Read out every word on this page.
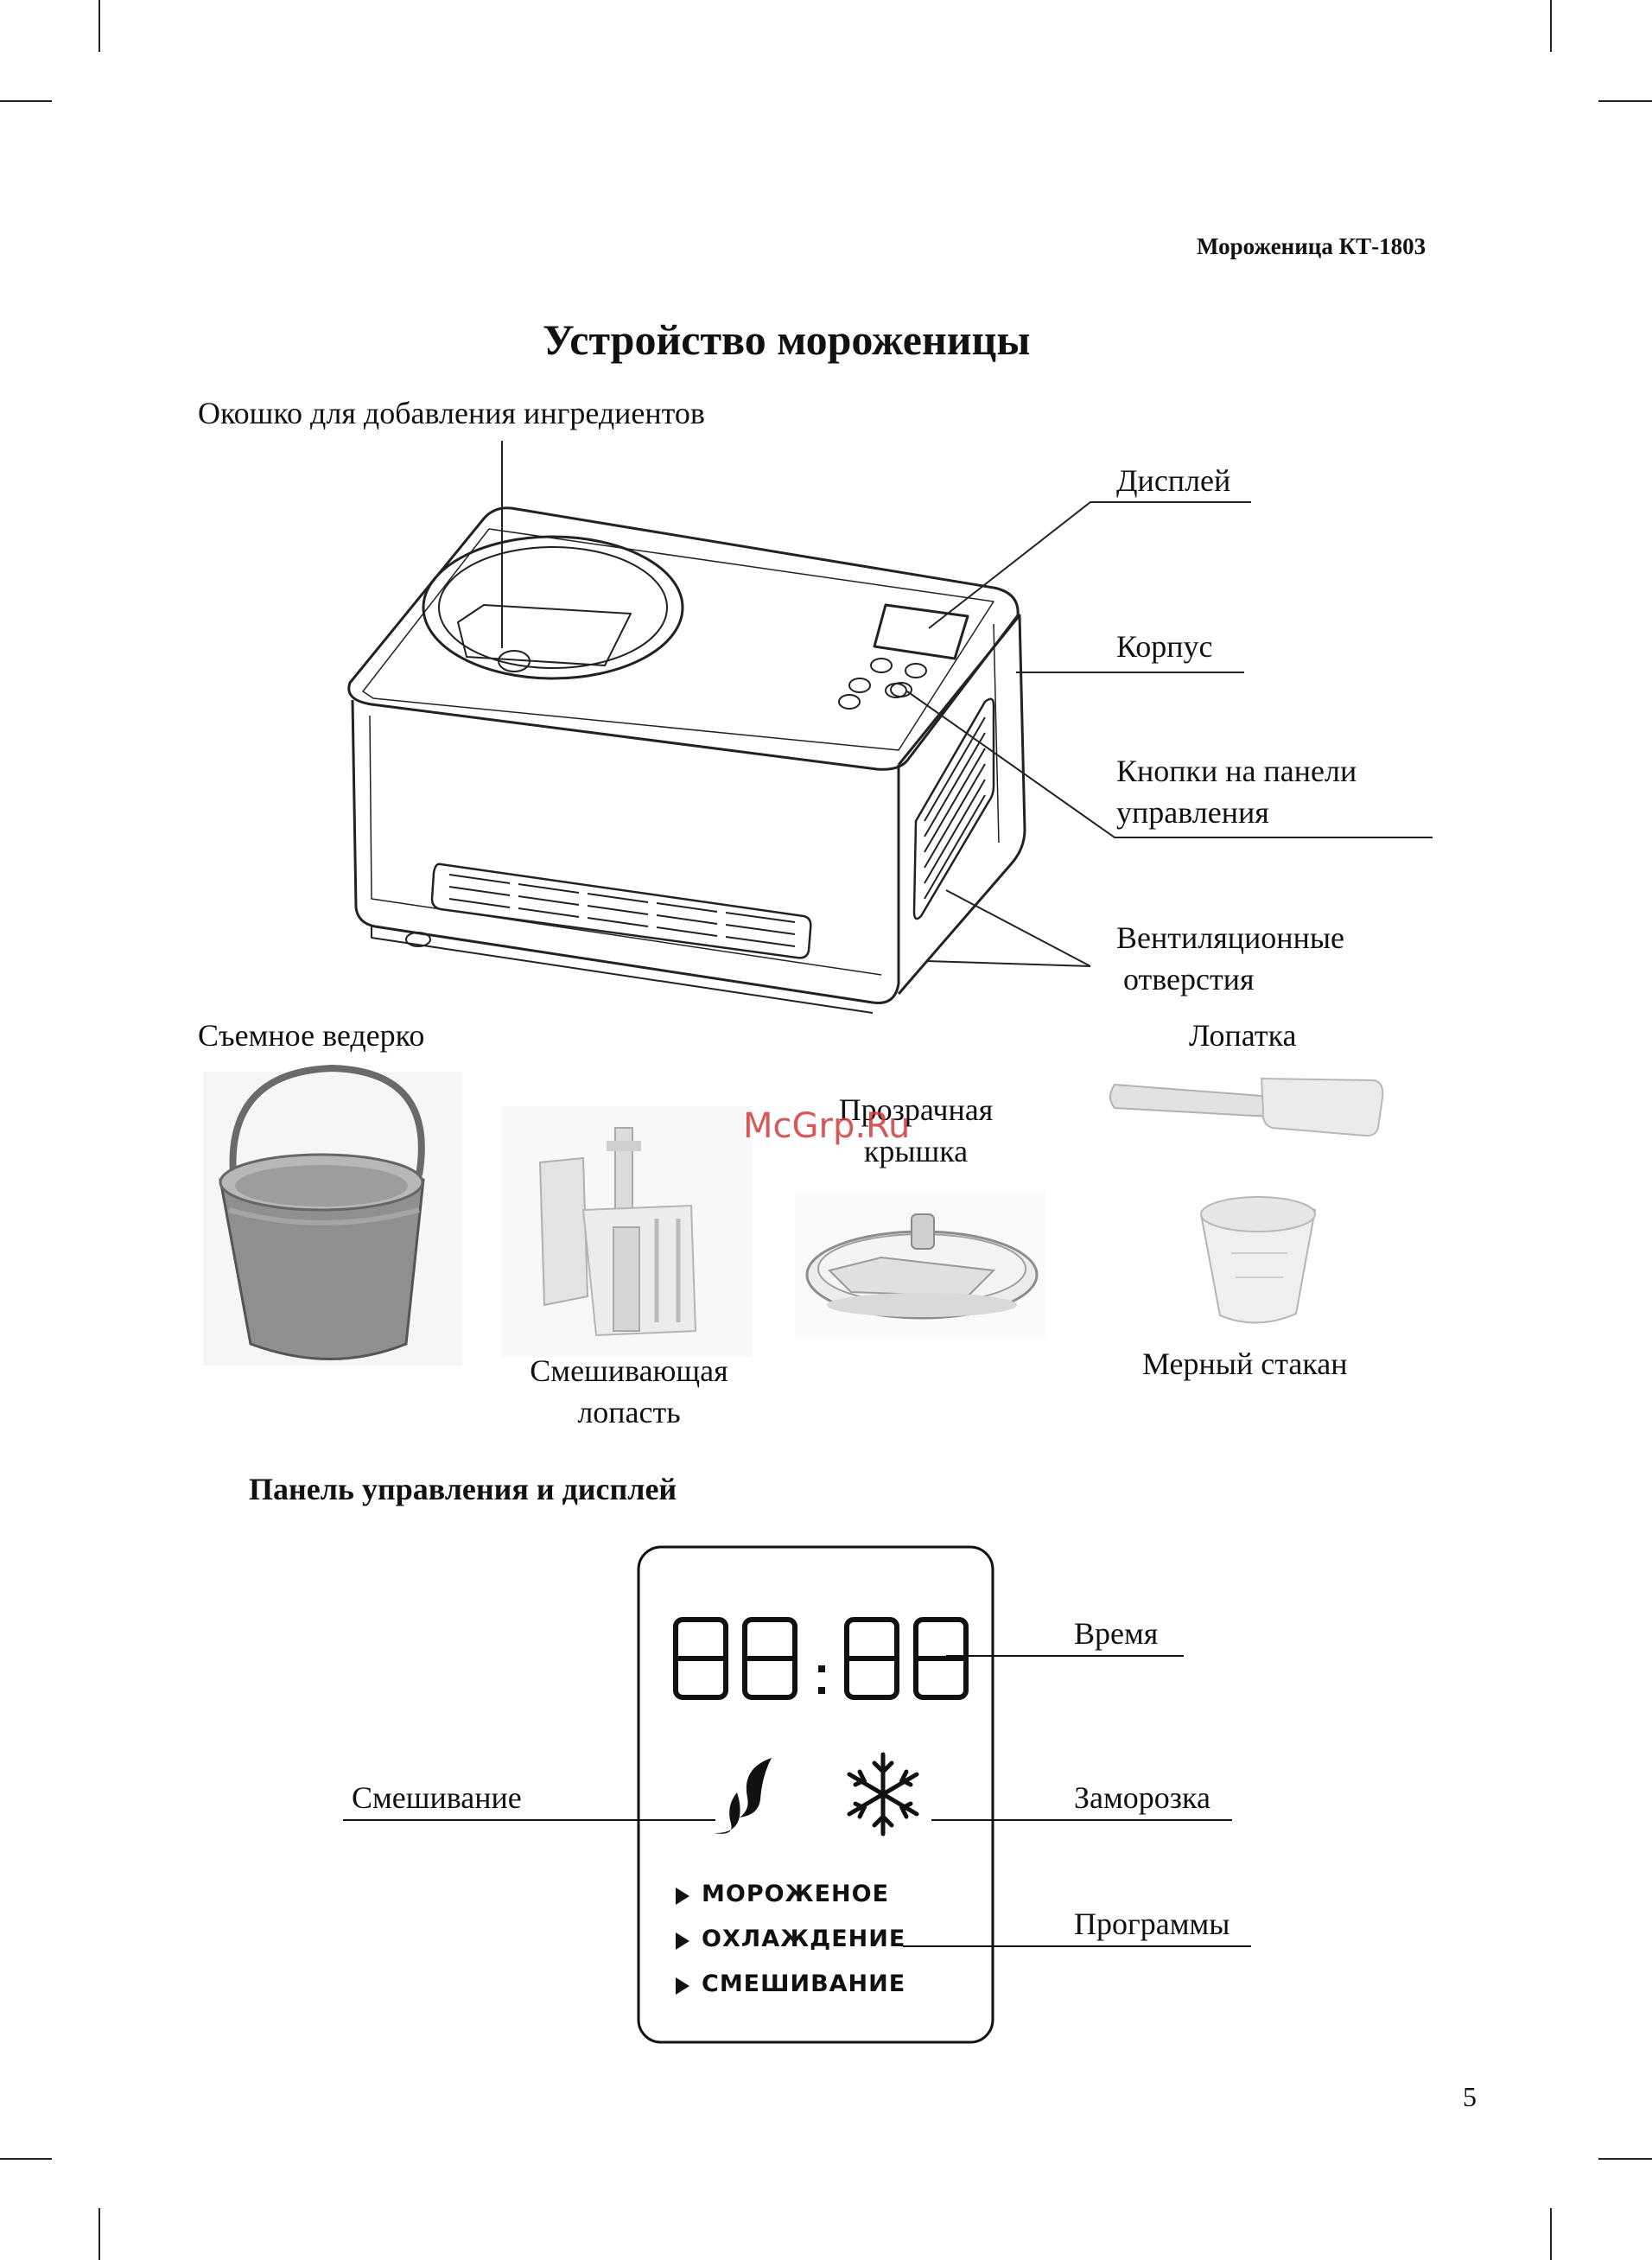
Мороженица КТ-1803
Устройство мороженицы
Окошко для добавления ингредиентов
Дисплей
Корпус
Кнопки на панели
управления
Вентиляционные
отверстия
Съемное ведерко	Лопатка
Прозрачная
крышка
McGrp.Ru
Смешивающая
лопасть
Мерный стакан
Панель управления и дисплей
МОРОЖЕНОЕ
ОХЛАЖДЕНИЕ
СМЕШИВАНИЕ
88:88
Время
Смешивание	Заморозка
Программы
5
